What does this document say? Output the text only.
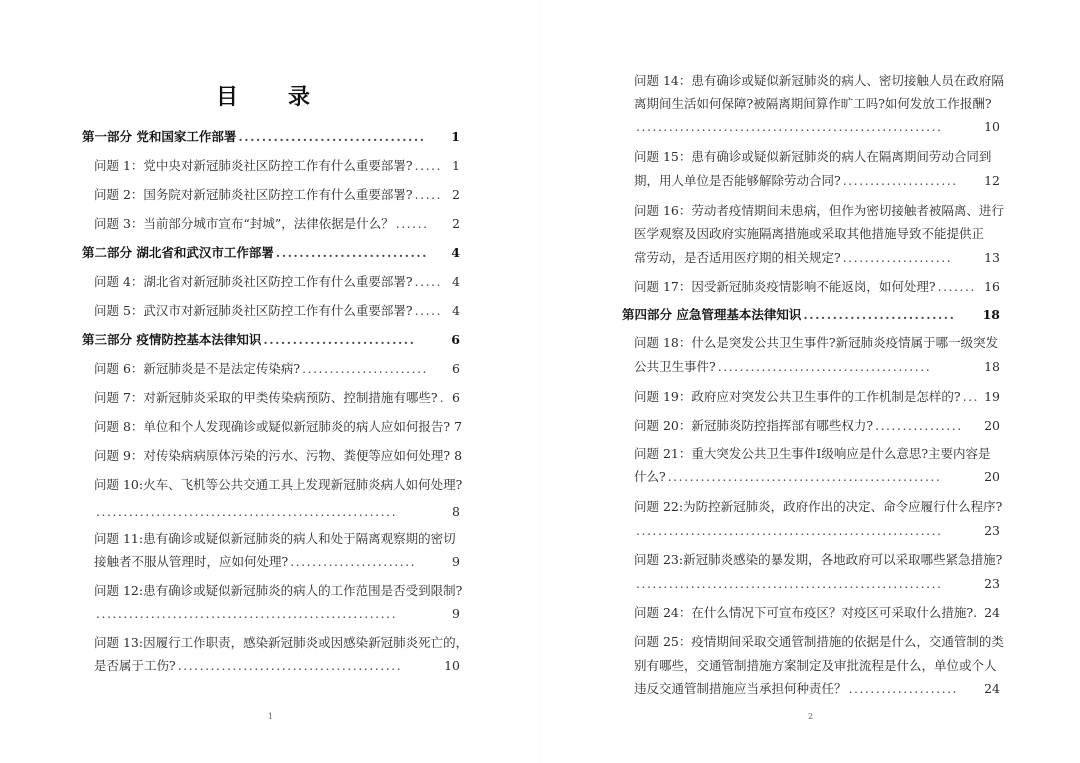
目　录
第一部分 党和国家工作部署 ................................	1
问题 1：党中央对新冠肺炎社区防控工作有什么重要部署? ..... 1
问题 2：国务院对新冠肺炎社区防控工作有什么重要部署? ..... 2
问题 3：当前部分城市宣布“封城”，法律依据是什么？ ......	2
第二部分 湖北省和武汉市工作部署 ..........................	4
问题 4：湖北省对新冠肺炎社区防控工作有什么重要部署? ..... 4
问题 5：武汉市对新冠肺炎社区防控工作有什么重要部署? ..... 4
第三部分 疫情防控基本法律知识 ..........................	6
问题 6：新冠肺炎是不是法定传染病? .......................	6
问题 7：对新冠肺炎采取的甲类传染病预防、控制措施有哪些? . 6
问题 8：单位和个人发现确诊或疑似新冠肺炎的病人应如何报告? 7
问题 9：对传染病病原体污染的污水、污物、粪便等应如何处理? 8
问题 10:火车、飞机等公共交通工具上发现新冠肺炎病人如何处理?
.......................................................	8
问题 11:患有确诊或疑似新冠肺炎的病人和处于隔离观察期的密切
接触者不服从管理时，应如何处理? .......................	9
问题 12:患有确诊或疑似新冠肺炎的病人的工作范围是否受到限制?
.......................................................	9
问题 13:因履行工作职责，感染新冠肺炎或因感染新冠肺炎死亡的，
是否属于工伤? .........................................	10
1
问题 14：患有确诊或疑似新冠肺炎的病人、密切接触人员在政府隔
离期间生活如何保障?被隔离期间算作旷工吗?如何发放工作报酬?
........................................................	10
问题 15：患有确诊或疑似新冠肺炎的病人在隔离期间劳动合同到
期，用人单位是否能够解除劳动合同? .....................	12
问题 16：劳动者疫情期间未患病，但作为密切接触者被隔离、进行
医学观察及因政府实施隔离措施或采取其他措施导致不能提供正
常劳动，是否适用医疗期的相关规定? ....................	13
问题 17：因受新冠肺炎疫情影响不能返岗，如何处理? ....... 16
第四部分 应急管理基本法律知识 ..........................	18
问题 18：什么是突发公共卫生事件?新冠肺炎疫情属于哪一级突发
公共卫生事件? .......................................	18
问题 19：政府应对突发公共卫生事件的工作机制是怎样的? ... 19
问题 20：新冠肺炎防控指挥部有哪些权力? ................	20
问题 21：重大突发公共卫生事件Ⅰ级响应是什么意思?主要内容是
什么? ..................................................	20
问题 22:为防控新冠肺炎，政府作出的决定、命令应履行什么程序?
........................................................	23
问题 23:新冠肺炎感染的暴发期，各地政府可以采取哪些紧急措施?
........................................................	23
问题 24：在什么情况下可宣布疫区？对疫区可采取什么措施?. 24
问题 25：疫情期间采取交通管制措施的依据是什么，交通管制的类
别有哪些，交通管制措施方案制定及审批流程是什么，单位或个人
违反交通管制措施应当承担何种责任？ ....................	24
2
